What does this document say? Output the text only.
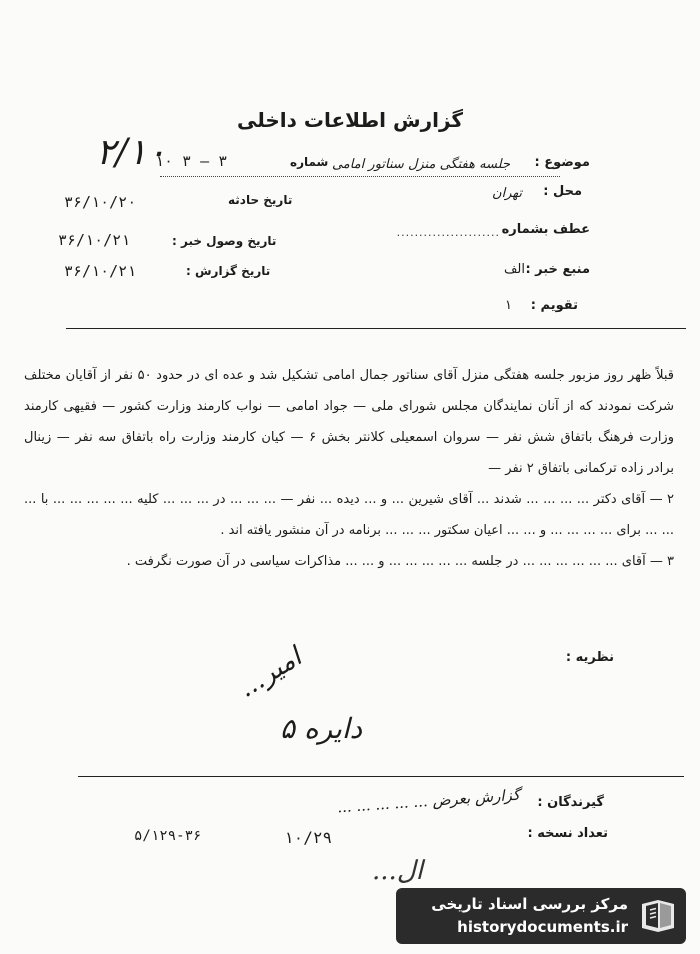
گزارش اطلاعات داخلی
۲/۱۰	موضوع :
جلسه هفتگی منزل سناتور امامی
شماره
۱۰ ۳ — ۳
محل :
تهران
تاریخ حادثه
۳۶/۱۰/۲۰
عطف بشماره
.......................
تاریخ وصول خبر :
۳۶/۱۰/۲۱
منبع خبر :
الف
تاریخ گزارش :
۳۶/۱۰/۲۱
تقویم :
۱

قبلاً ظهر روز مزبور جلسه هفتگی منزل آقای سناتور جمال امامی تشکیل شد و عده ای در حدود ۵۰ نفر از آقایان مختلف شرکت نمودند که از آنان نمایندگان مجلس شورای ملی — جواد امامی — نواب کارمند وزارت کشور — فقیهی کارمند وزارت فرهنگ باتفاق شش نفر — سروان اسمعیلی کلانتر بخش ۶ — کیان کارمند وزارت راه باتفاق سه نفر — زینال برادر زاده ترکمانی باتفاق ۲ نفر —

۲ — آقای دکتر ... ... ... ... شدند ... آقای شیرین ... و ... دیده ... نفر — ... ... ... در ... ... ... کلیه ... ... ... ... ... با ... ... ... برای ... ... ... ... و ... ... اعیان سکتور ... ... ... برنامه در آن منشور یافته اند .

۳ — آقای ... ... ... ... ... ... در جلسه ... ... ... ... ... و ... ... مذاکرات سیاسی در آن صورت نگرفت .

نظریه :
امیر...
دایره ۵
گیرندگان :
گزارش بعرض ... ... ... ... ...
تعداد نسخه :
۱۰/۲۹
۵/۱۲۹-۳۶
ال...
مرکز بررسی اسناد تاریخی
historydocuments.ir
